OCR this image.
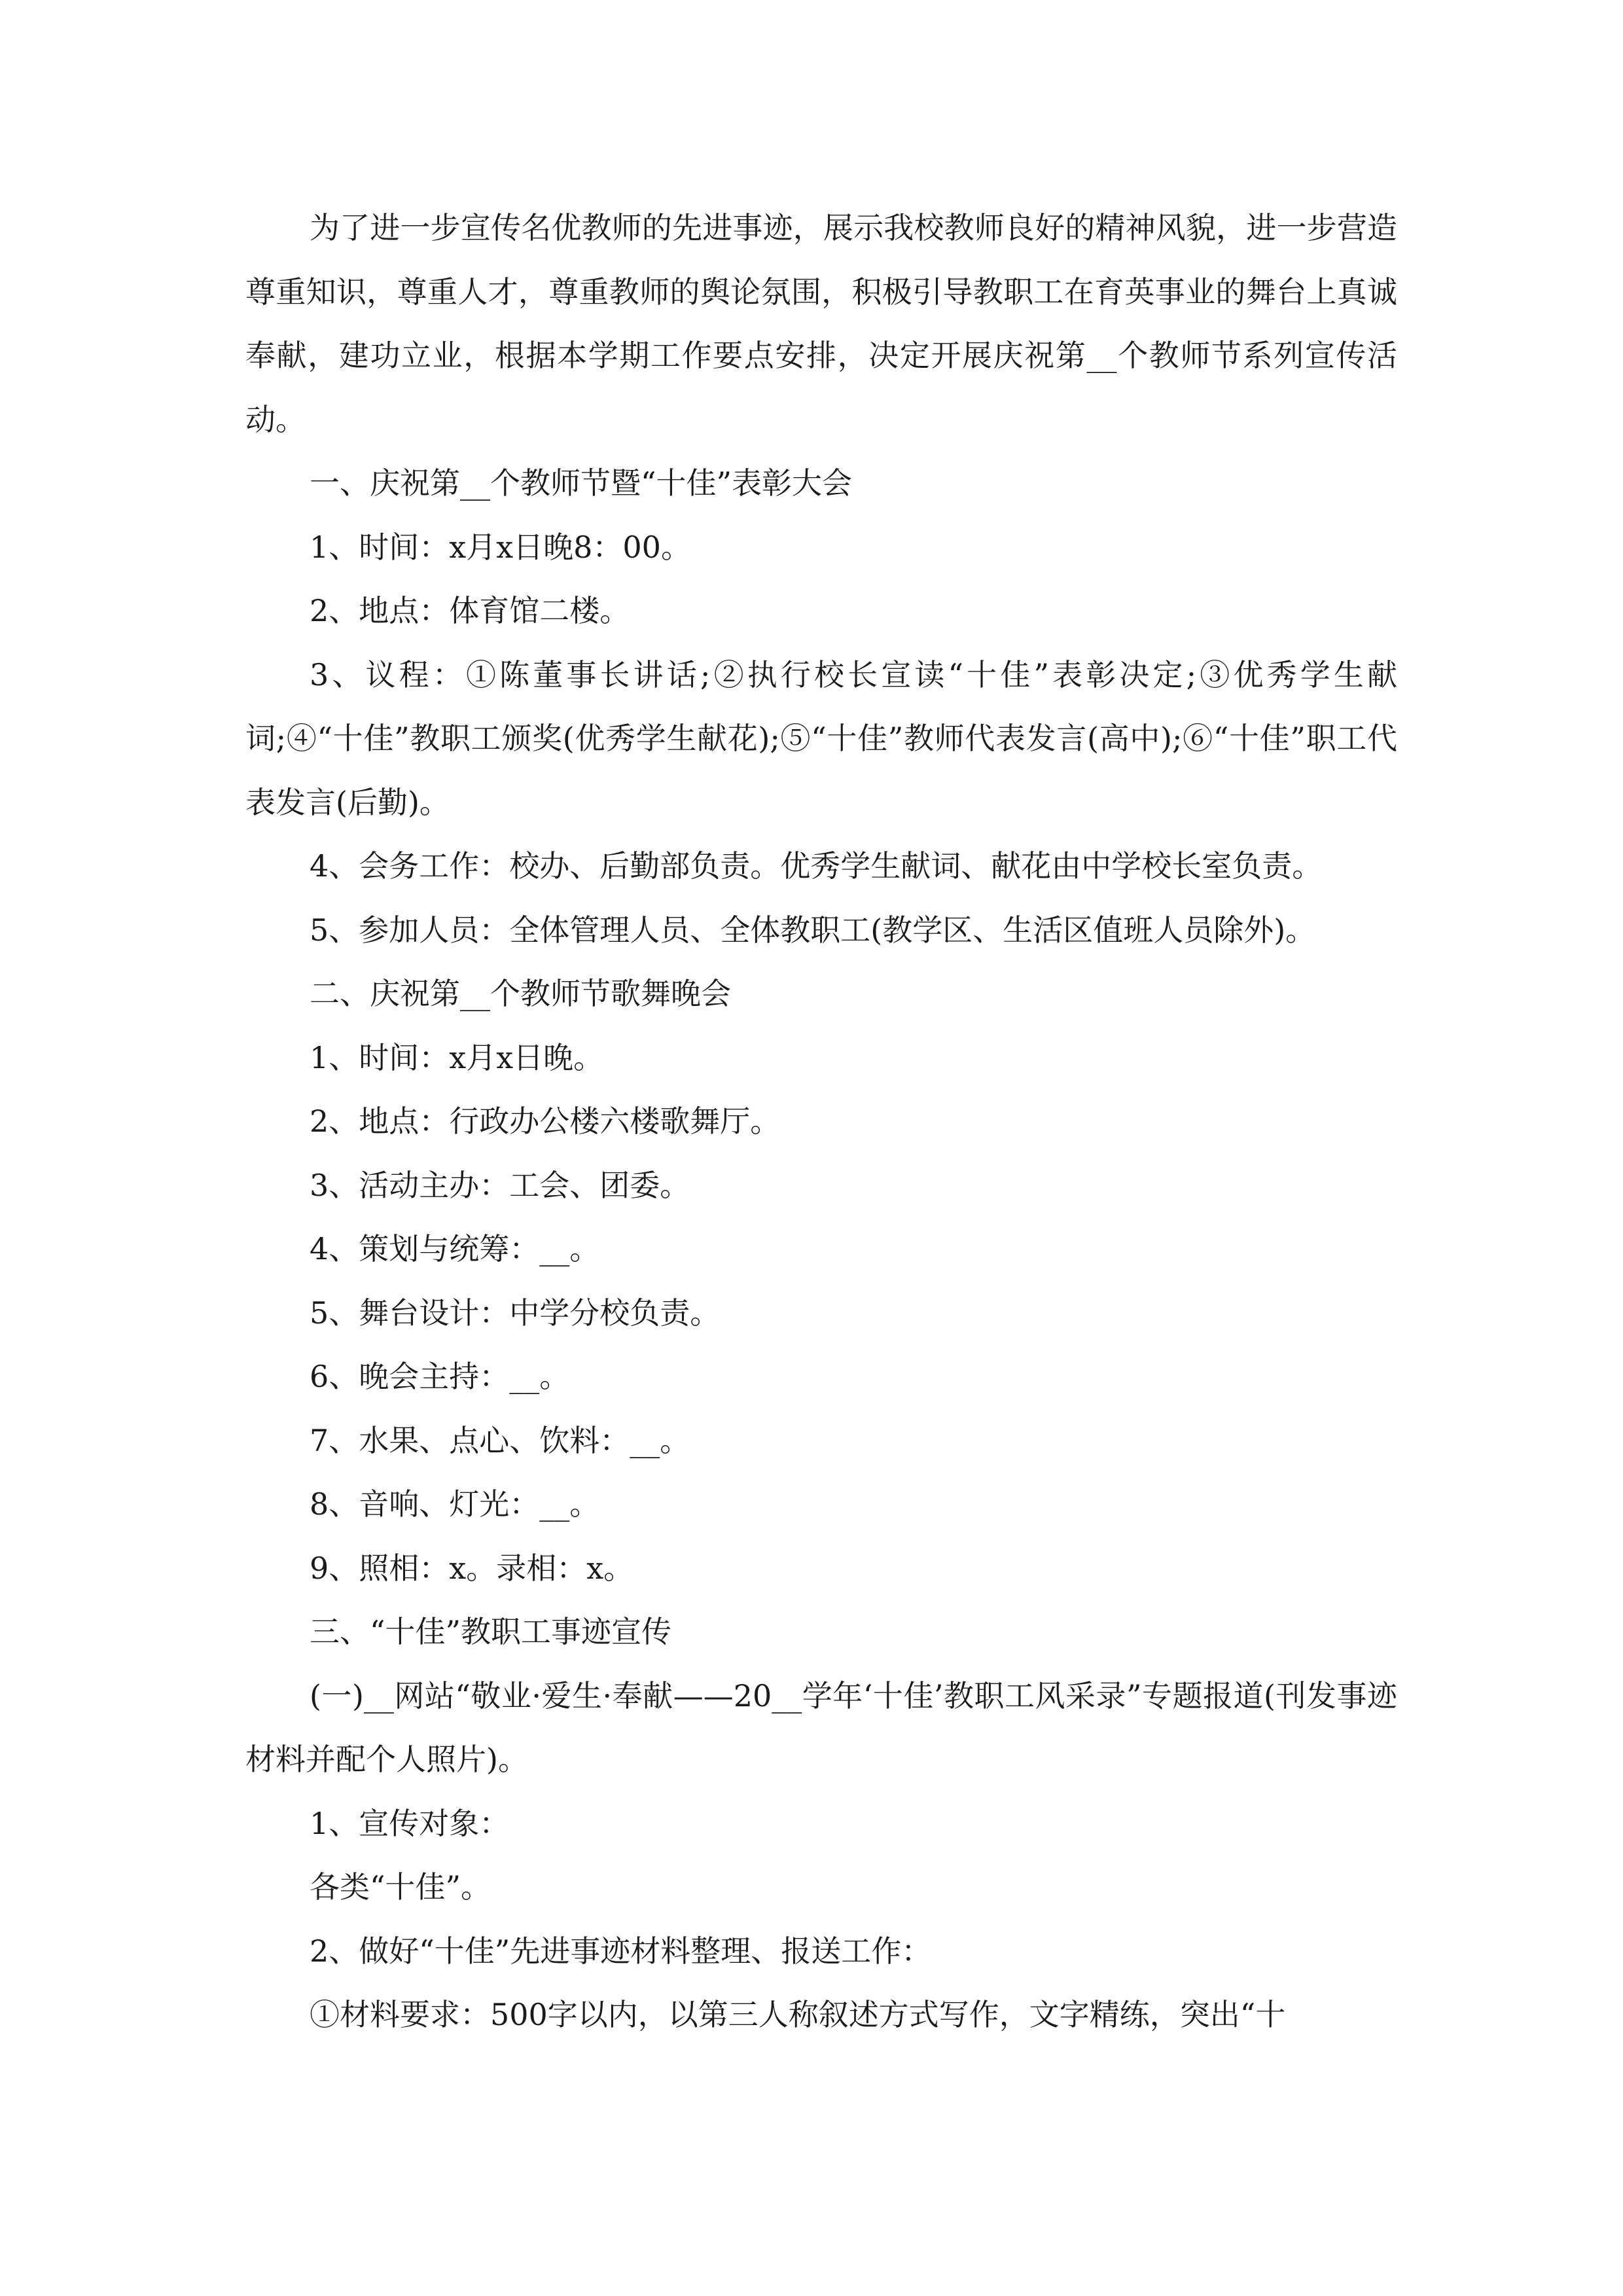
为了进一步宣传名优教师的先进事迹，展示我校教师良好的精神风貌，进一步营造尊重知识，尊重人才，尊重教师的舆论氛围，积极引导教职工在育英事业的舞台上真诚奉献，建功立业，根据本学期工作要点安排，决定开展庆祝第__个教师节系列宣传活动。

一、庆祝第__个教师节暨“十佳”表彰大会

1、时间：x月x日晚8：00。

2、地点：体育馆二楼。

3、议程：①陈董事长讲话;②执行校长宣读“十佳”表彰决定;③优秀学生献词;④“十佳”教职工颁奖(优秀学生献花);⑤“十佳”教师代表发言(高中);⑥“十佳”职工代表发言(后勤)。

4、会务工作：校办、后勤部负责。优秀学生献词、献花由中学校长室负责。

5、参加人员：全体管理人员、全体教职工(教学区、生活区值班人员除外)。

二、庆祝第__个教师节歌舞晚会

1、时间：x月x日晚。

2、地点：行政办公楼六楼歌舞厅。

3、活动主办：工会、团委。

4、策划与统筹：__。

5、舞台设计：中学分校负责。

6、晚会主持：__。

7、水果、点心、饮料：__。

8、音响、灯光：__。

9、照相：x。录相：x。

三、“十佳”教职工事迹宣传

(一)__网站“敬业·爱生·奉献——20__学年‘十佳’教职工风采录”专题报道(刊发事迹材料并配个人照片)。

1、宣传对象：

各类“十佳”。

2、做好“十佳”先进事迹材料整理、报送工作：

①材料要求：500字以内，以第三人称叙述方式写作，文字精练，突出“十
